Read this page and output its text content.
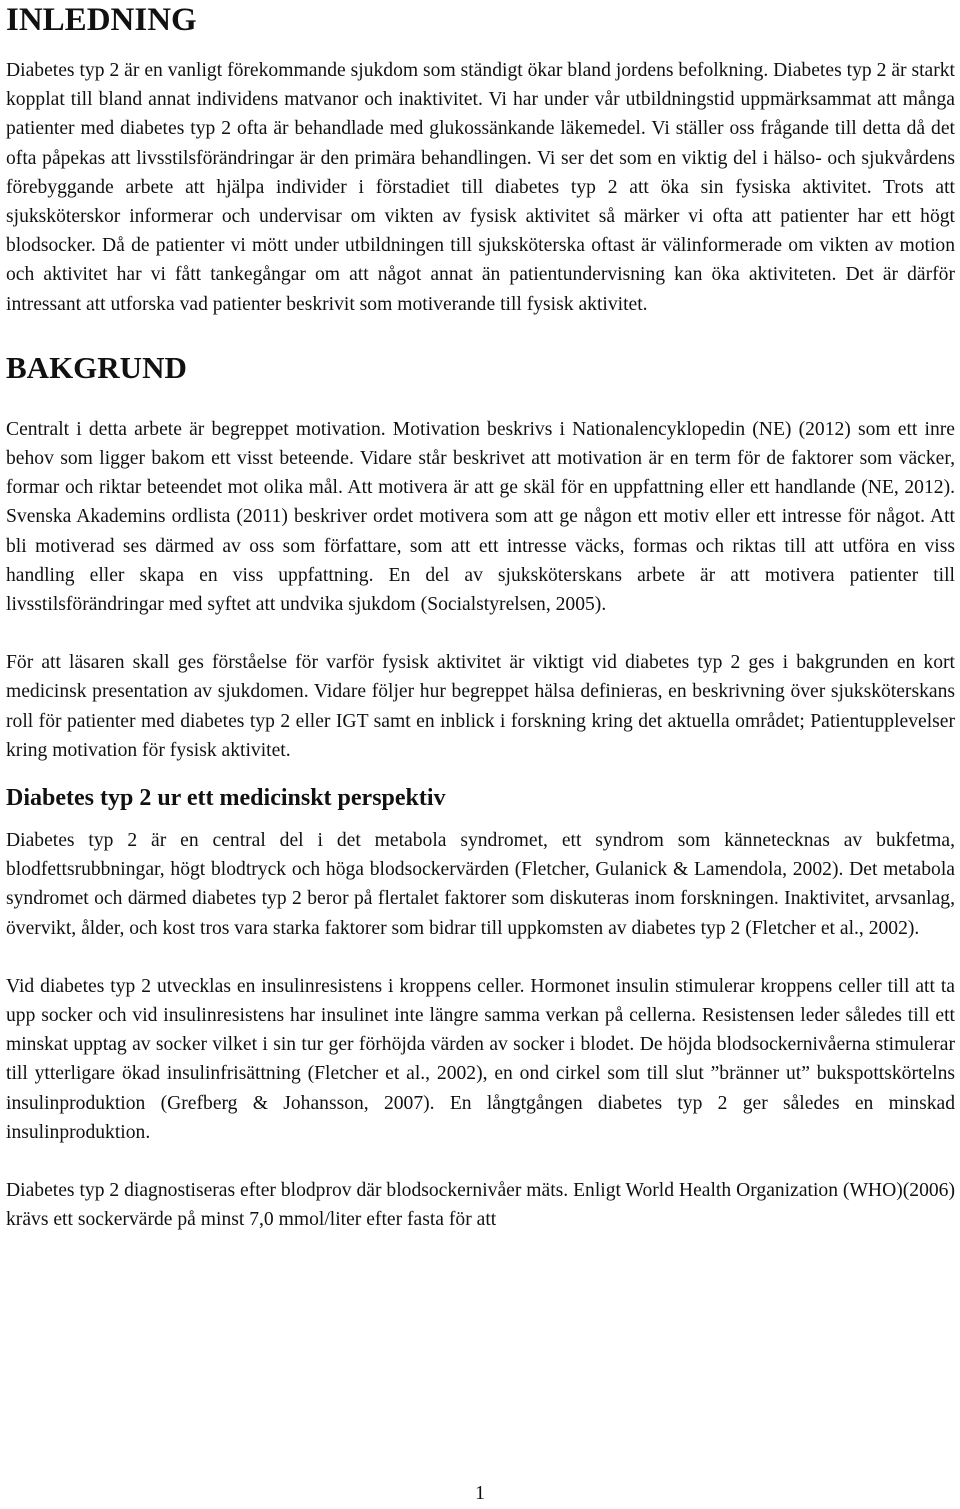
INLEDNING

Diabetes typ 2 är en vanligt förekommande sjukdom som ständigt ökar bland jordens befolkning. Diabetes typ 2 är starkt kopplat till bland annat individens matvanor och inaktivitet. Vi har under vår utbildningstid uppmärksammat att många patienter med diabetes typ 2 ofta är behandlade med glukossänkande läkemedel. Vi ställer oss frågande till detta då det ofta påpekas att livsstilsförändringar är den primära behandlingen. Vi ser det som en viktig del i hälso- och sjukvårdens förebyggande arbete att hjälpa individer i förstadiet till diabetes typ 2 att öka sin fysiska aktivitet. Trots att sjuksköterskor informerar och undervisar om vikten av fysisk aktivitet så märker vi ofta att patienter har ett högt blodsocker. Då de patienter vi mött under utbildningen till sjuksköterska oftast är välinformerade om vikten av motion och aktivitet har vi fått tankegångar om att något annat än patientundervisning kan öka aktiviteten. Det är därför intressant att utforska vad patienter beskrivit som motiverande till fysisk aktivitet.

BAKGRUND

Centralt i detta arbete är begreppet motivation. Motivation beskrivs i Nationalencyklopedin (NE) (2012) som ett inre behov som ligger bakom ett visst beteende. Vidare står beskrivet att motivation är en term för de faktorer som väcker, formar och riktar beteendet mot olika mål. Att motivera är att ge skäl för en uppfattning eller ett handlande (NE, 2012). Svenska Akademins ordlista (2011) beskriver ordet motivera som att ge någon ett motiv eller ett intresse för något. Att bli motiverad ses därmed av oss som författare, som att ett intresse väcks, formas och riktas till att utföra en viss handling eller skapa en viss uppfattning. En del av sjuksköterskans arbete är att motivera patienter till livsstilsförändringar med syftet att undvika sjukdom (Socialstyrelsen, 2005).

För att läsaren skall ges förståelse för varför fysisk aktivitet är viktigt vid diabetes typ 2 ges i bakgrunden en kort medicinsk presentation av sjukdomen. Vidare följer hur begreppet hälsa definieras, en beskrivning över sjuksköterskans roll för patienter med diabetes typ 2 eller IGT samt en inblick i forskning kring det aktuella området; Patientupplevelser kring motivation för fysisk aktivitet.

Diabetes typ 2 ur ett medicinskt perspektiv

Diabetes typ 2 är en central del i det metabola syndromet, ett syndrom som kännetecknas av bukfetma, blodfettsrubbningar, högt blodtryck och höga blodsockervärden (Fletcher, Gulanick & Lamendola, 2002). Det metabola syndromet och därmed diabetes typ 2 beror på flertalet faktorer som diskuteras inom forskningen. Inaktivitet, arvsanlag, övervikt, ålder, och kost tros vara starka faktorer som bidrar till uppkomsten av diabetes typ 2 (Fletcher et al., 2002).

Vid diabetes typ 2 utvecklas en insulinresistens i kroppens celler. Hormonet insulin stimulerar kroppens celler till att ta upp socker och vid insulinresistens har insulinet inte längre samma verkan på cellerna. Resistensen leder således till ett minskat upptag av socker vilket i sin tur ger förhöjda värden av socker i blodet. De höjda blodsockernivåerna stimulerar till ytterligare ökad insulinfrisättning (Fletcher et al., 2002), en ond cirkel som till slut ”bränner ut” bukspottskörtelns insulinproduktion (Grefberg & Johansson, 2007). En långtgången diabetes typ 2 ger således en minskad insulinproduktion.

Diabetes typ 2 diagnostiseras efter blodprov där blodsockernivåer mäts. Enligt World Health Organization (WHO)(2006) krävs ett sockervärde på minst 7,0 mmol/liter efter fasta för att

1
